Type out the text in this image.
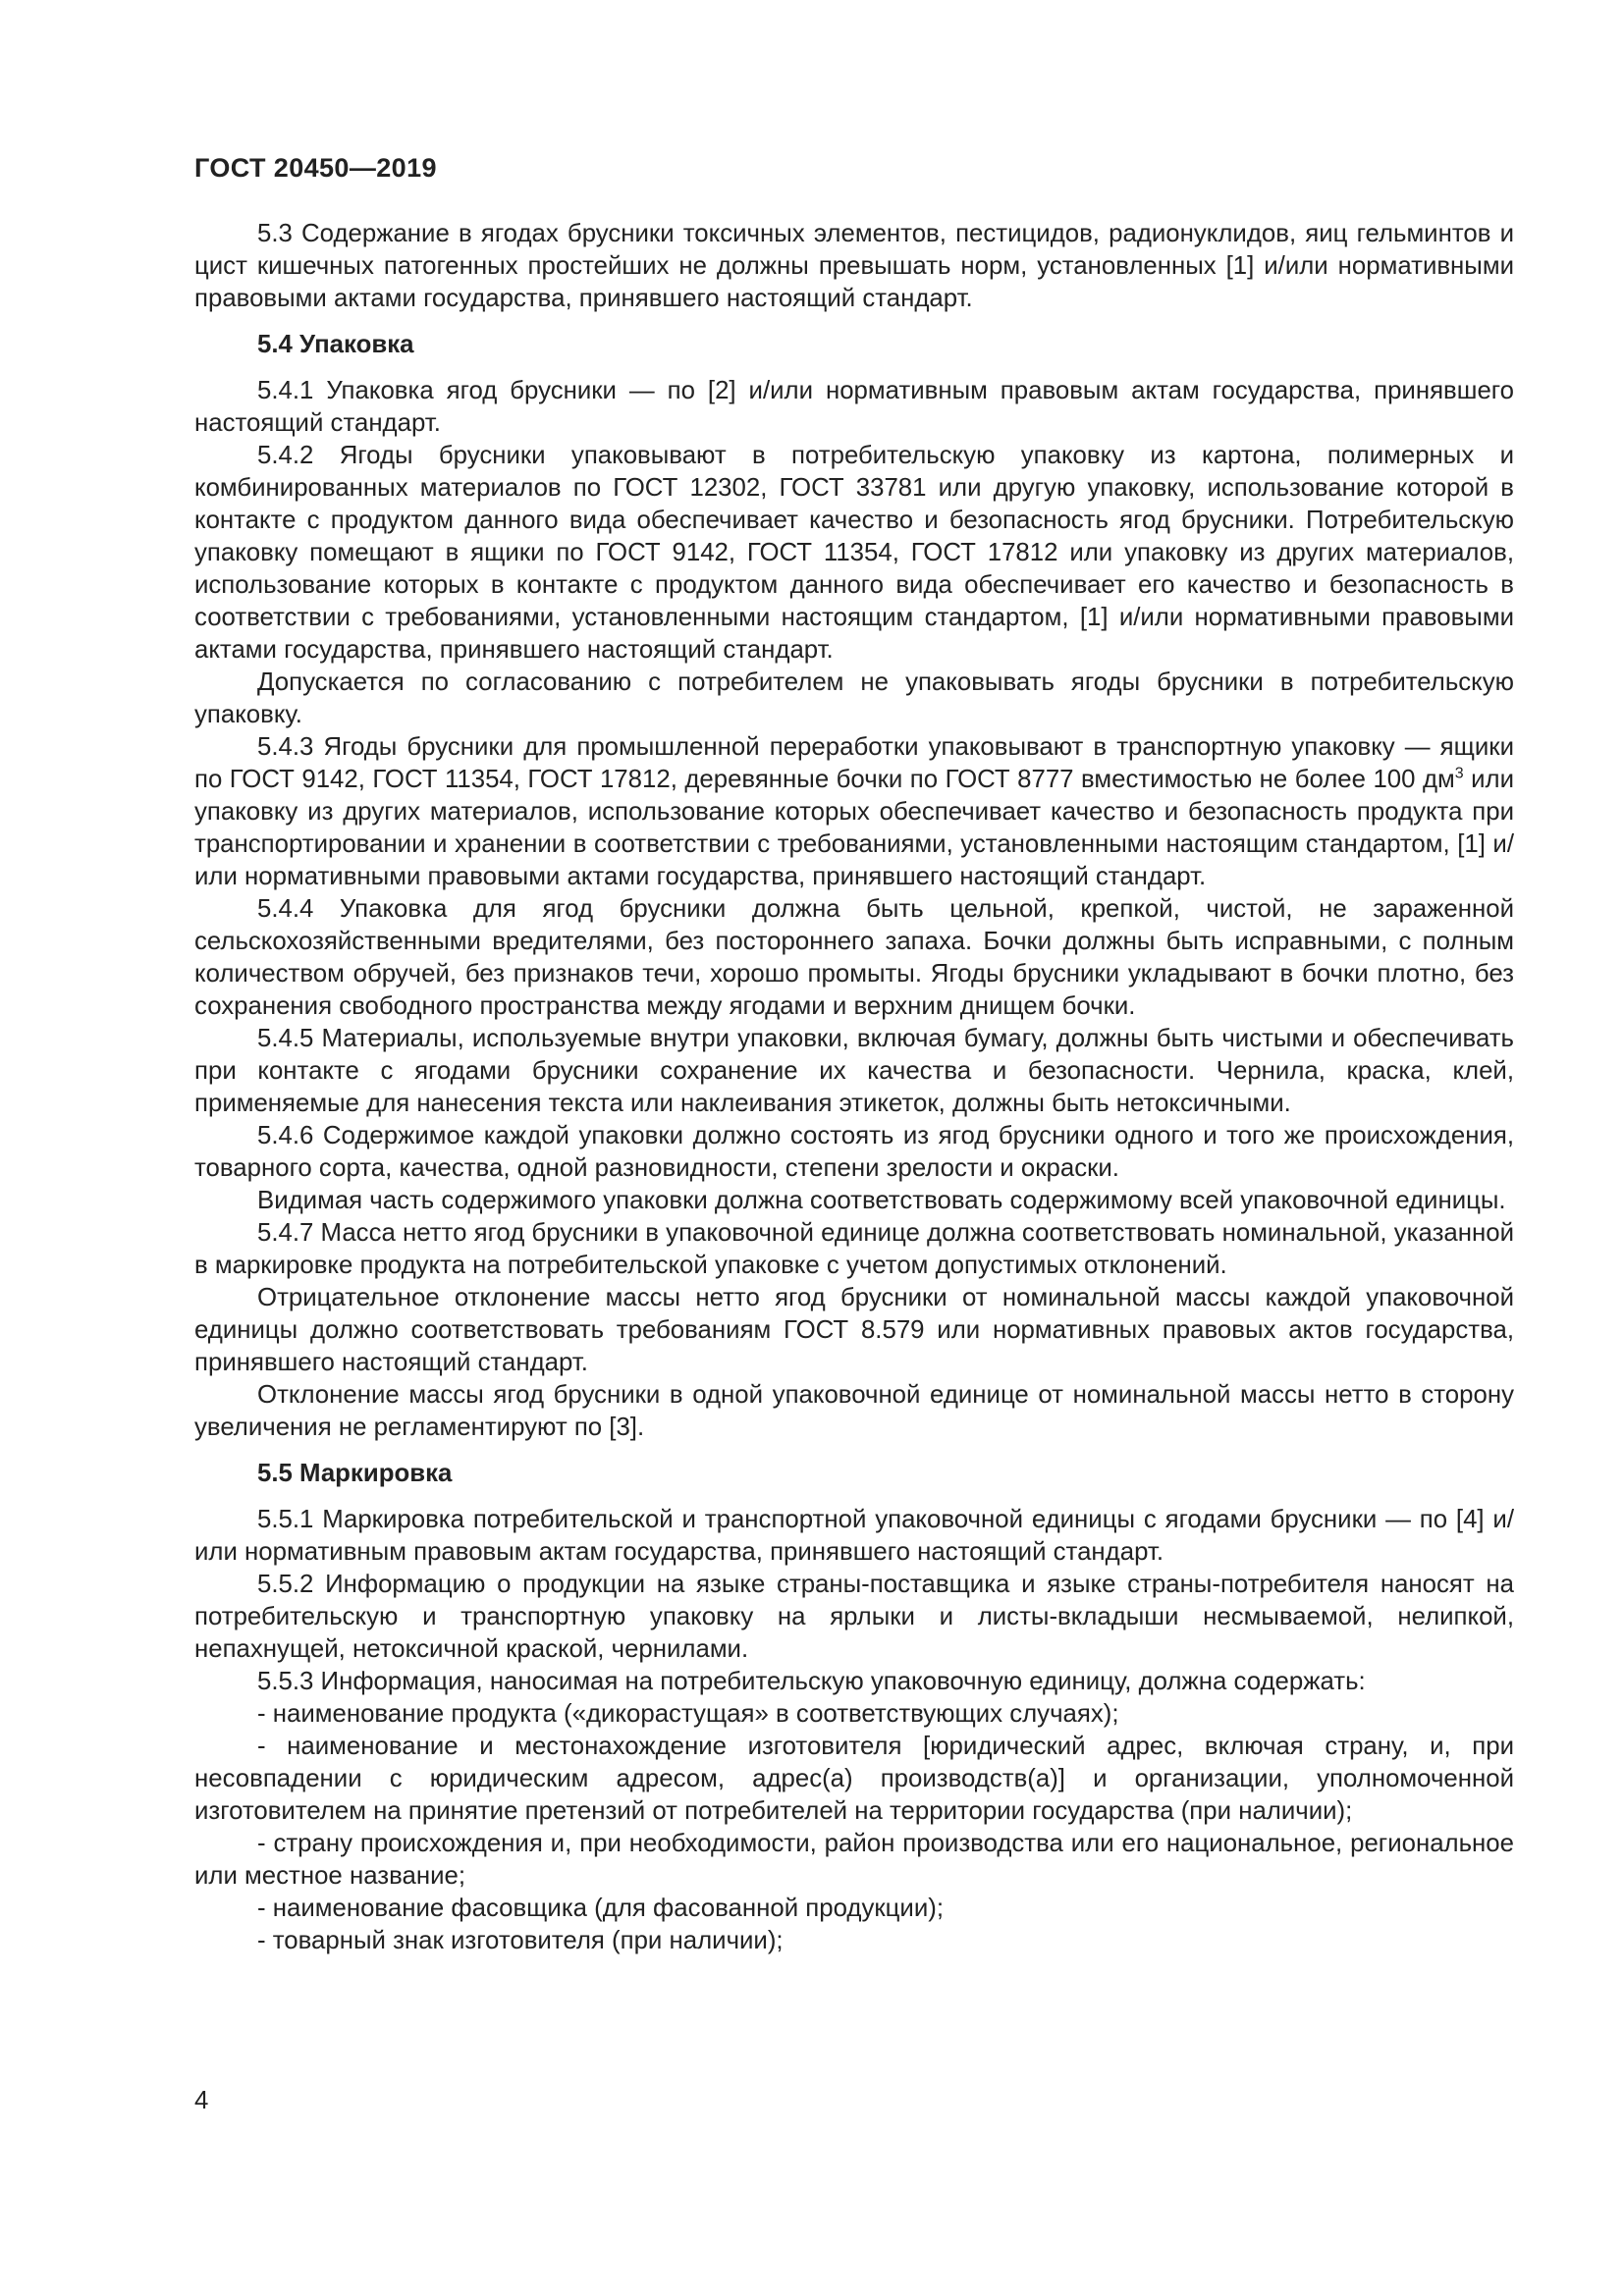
ГОСТ 20450—2019

5.3 Содержание в ягодах брусники токсичных элементов, пестицидов, радионуклидов, яиц гельминтов и цист кишечных патогенных простейших не должны превышать норм, установленных [1] и/или нормативными правовыми актами государства, принявшего настоящий стандарт.

5.4 Упаковка

5.4.1 Упаковка ягод брусники — по [2] и/или нормативным правовым актам государства, принявшего настоящий стандарт.

5.4.2 Ягоды брусники упаковывают в потребительскую упаковку из картона, полимерных и комбинированных материалов по ГОСТ 12302, ГОСТ 33781 или другую упаковку, использование которой в контакте с продуктом данного вида обеспечивает качество и безопасность ягод брусники. Потребительскую упаковку помещают в ящики по ГОСТ 9142, ГОСТ 11354, ГОСТ 17812 или упаковку из других материалов, использование которых в контакте с продуктом данного вида обеспечивает его качество и безопасность в соответствии с требованиями, установленными настоящим стандартом, [1] и/или нормативными правовыми актами государства, принявшего настоящий стандарт.

Допускается по согласованию с потребителем не упаковывать ягоды брусники в потребительскую упаковку.

5.4.3 Ягоды брусники для промышленной переработки упаковывают в транспортную упаковку — ящики по ГОСТ 9142, ГОСТ 11354, ГОСТ 17812, деревянные бочки по ГОСТ 8777 вместимостью не более 100 $дм^3$ или упаковку из других материалов, использование которых обеспечивает качество и безопасность продукта при транспортировании и хранении в соответствии с требованиями, установленными настоящим стандартом, [1] и/или нормативными правовыми актами государства, принявшего настоящий стандарт.

5.4.4 Упаковка для ягод брусники должна быть цельной, крепкой, чистой, не зараженной сельскохозяйственными вредителями, без постороннего запаха. Бочки должны быть исправными, с полным количеством обручей, без признаков течи, хорошо промыты. Ягоды брусники укладывают в бочки плотно, без сохранения свободного пространства между ягодами и верхним днищем бочки.

5.4.5 Материалы, используемые внутри упаковки, включая бумагу, должны быть чистыми и обеспечивать при контакте с ягодами брусники сохранение их качества и безопасности. Чернила, краска, клей, применяемые для нанесения текста или наклеивания этикеток, должны быть нетоксичными.

5.4.6 Содержимое каждой упаковки должно состоять из ягод брусники одного и того же происхождения, товарного сорта, качества, одной разновидности, степени зрелости и окраски.

Видимая часть содержимого упаковки должна соответствовать содержимому всей упаковочной единицы.

5.4.7 Масса нетто ягод брусники в упаковочной единице должна соответствовать номинальной, указанной в маркировке продукта на потребительской упаковке с учетом допустимых отклонений.

Отрицательное отклонение массы нетто ягод брусники от номинальной массы каждой упаковочной единицы должно соответствовать требованиям ГОСТ 8.579 или нормативных правовых актов государства, принявшего настоящий стандарт.

Отклонение массы ягод брусники в одной упаковочной единице от номинальной массы нетто в сторону увеличения не регламентируют по [3].

5.5 Маркировка

5.5.1 Маркировка потребительской и транспортной упаковочной единицы с ягодами брусники — по [4] и/или нормативным правовым актам государства, принявшего настоящий стандарт.

5.5.2 Информацию о продукции на языке страны-поставщика и языке страны-потребителя наносят на потребительскую и транспортную упаковку на ярлыки и листы-вкладыши несмываемой, нелипкой, непахнущей, нетоксичной краской, чернилами.

5.5.3 Информация, наносимая на потребительскую упаковочную единицу, должна содержать:

- наименование продукта («дикорастущая» в соответствующих случаях);

- наименование и местонахождение изготовителя [юридический адрес, включая страну, и, при несовпадении с юридическим адресом, адрес(а) производств(а)] и организации, уполномоченной изготовителем на принятие претензий от потребителей на территории государства (при наличии);

- страну происхождения и, при необходимости, район производства или его национальное, региональное или местное название;

- наименование фасовщика (для фасованной продукции);

- товарный знак изготовителя (при наличии);

4
